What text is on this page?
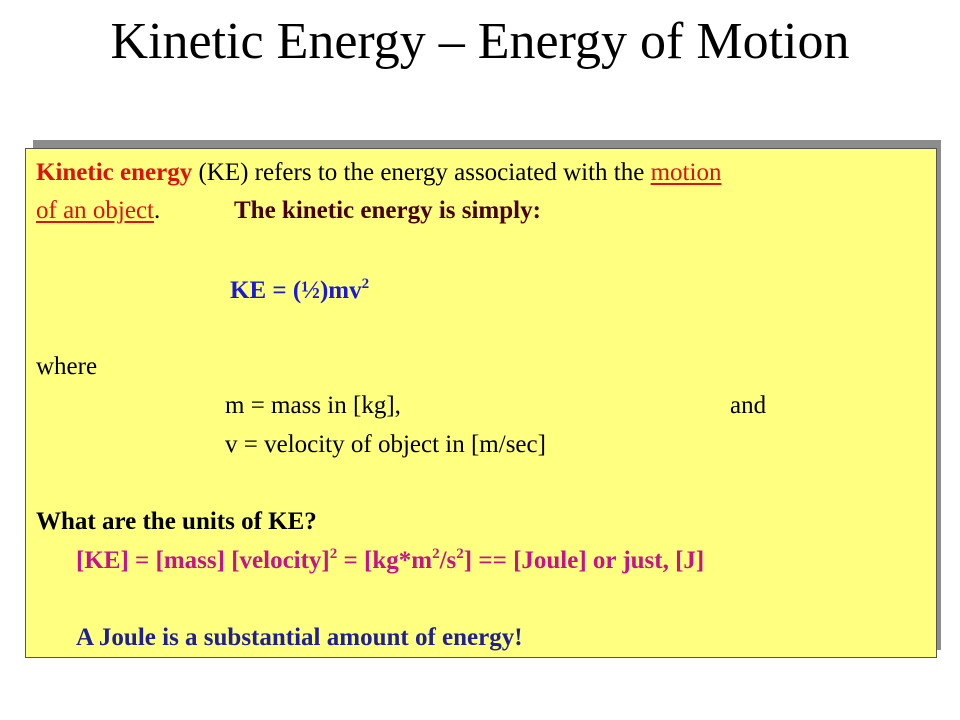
Kinetic Energy – Energy of Motion
Kinetic energy (KE) refers to the energy associated with the motion
of an object.	The kinetic energy is simply:
KE = $(\frac{1}{2})mv^2$
where
m = mass in [kg],	and
v = velocity of object in [m/sec]
What are the units of KE?
[KE] = [mass] [velocity]$^2$ = $[kg*m^2/s^2]$ == [Joule] or just, [J]
A Joule is a substantial amount of energy!
